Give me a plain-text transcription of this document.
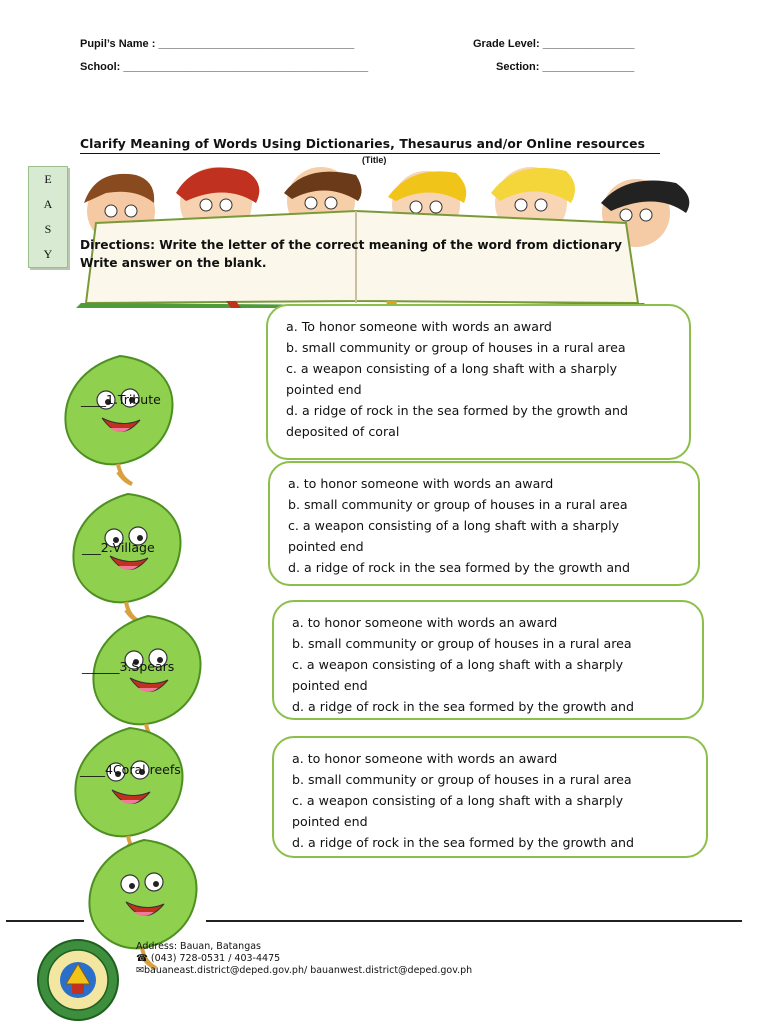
Pupil’s Name : ________________________________	Grade Level: _______________
School: ________________________________________	Section: _______________
Clarify Meaning of Words Using Dictionaries, Thesaurus and/or Online resources
(Title)
E
A
S
Y
Directions: Write the letter of the correct meaning of the word from dictionary
Write answer on the blank.
____1.Tribute
a. To honor someone with words an award
b. small community or group of houses in a rural area
c. a weapon consisting of a long shaft with a sharply
pointed end
d. a ridge of rock in the sea formed by the growth and
deposited of coral
___2.Village
a. to honor someone with words an award
b. small community or group of houses in a rural area
c. a weapon consisting of a long shaft with a sharply
pointed end
d. a ridge of rock in the sea formed by the growth and
______3.Spears
a. to honor someone with words an award
b. small community or group of houses in a rural area
c. a weapon consisting of a long shaft with a sharply
pointed end
d. a ridge of rock in the sea formed by the growth and
____4Coral reefs
a. to honor someone with words an award
b. small community or group of houses in a rural area
c. a weapon consisting of a long shaft with a sharply
pointed end
d. a ridge of rock in the sea formed by the growth and
Address: Bauan, Batangas
☎ (043) 728-0531 / 403-4475
✉bauaneast.district@deped.gov.ph/ bauanwest.district@deped.gov.ph
